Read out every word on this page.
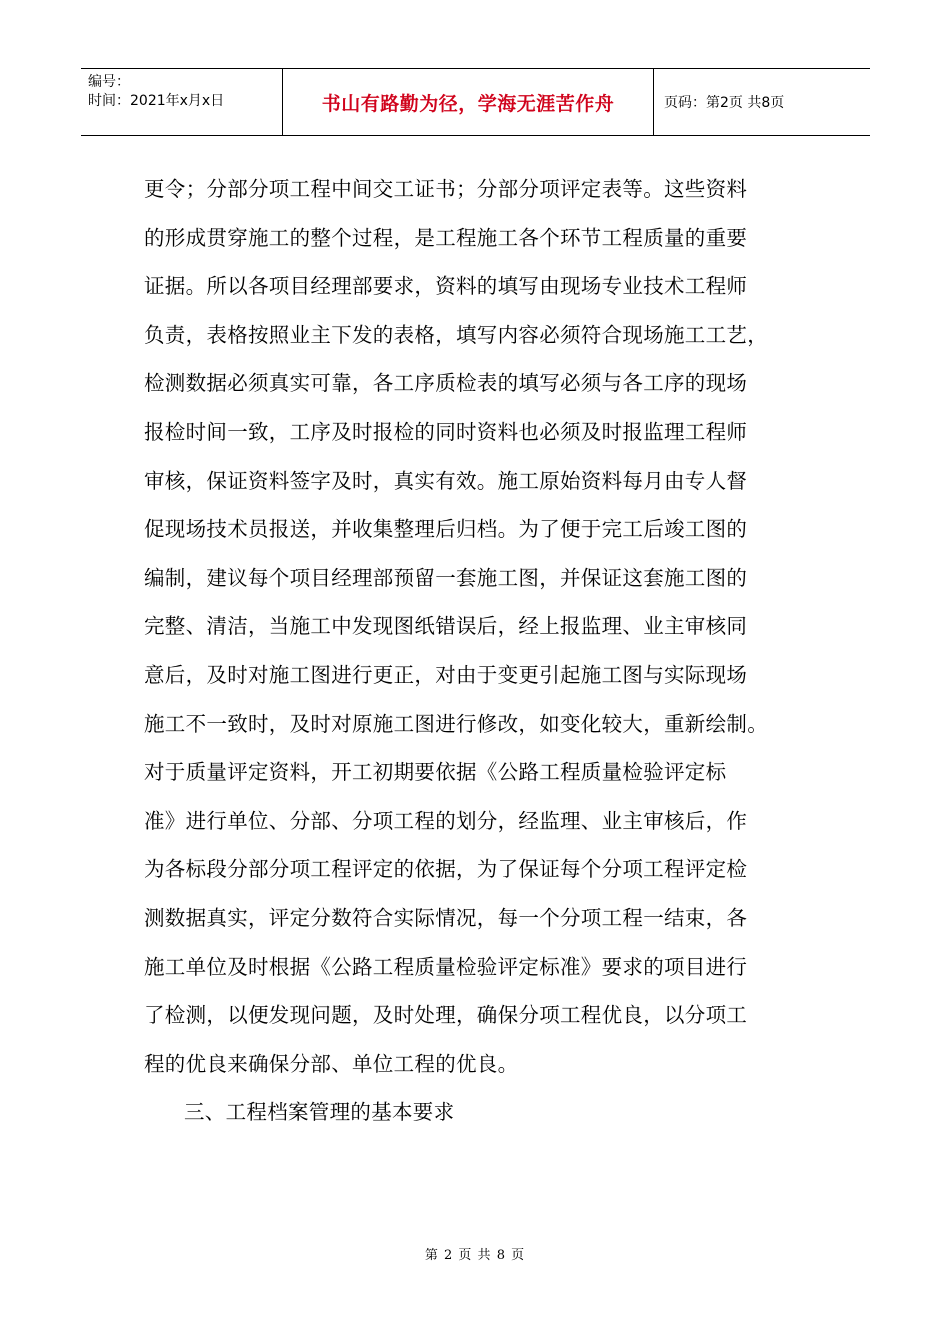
编号：
时间：2021年x月x日	书山有路勤为径，学海无涯苦作舟	页码：第2页 共8页
更令；分部分项工程中间交工证书；分部分项评定表等。这些资料
的形成贯穿施工的整个过程，是工程施工各个环节工程质量的重要
证据。所以各项目经理部要求，资料的填写由现场专业技术工程师
负责，表格按照业主下发的表格，填写内容必须符合现场施工工艺，
检测数据必须真实可靠，各工序质检表的填写必须与各工序的现场
报检时间一致，工序及时报检的同时资料也必须及时报监理工程师
审核，保证资料签字及时，真实有效。施工原始资料每月由专人督
促现场技术员报送，并收集整理后归档。为了便于完工后竣工图的
编制，建议每个项目经理部预留一套施工图，并保证这套施工图的
完整、清洁，当施工中发现图纸错误后，经上报监理、业主审核同
意后，及时对施工图进行更正，对由于变更引起施工图与实际现场
施工不一致时，及时对原施工图进行修改，如变化较大，重新绘制。
对于质量评定资料，开工初期要依据《公路工程质量检验评定标
准》进行单位、分部、分项工程的划分，经监理、业主审核后，作
为各标段分部分项工程评定的依据，为了保证每个分项工程评定检
测数据真实，评定分数符合实际情况，每一个分项工程一结束，各
施工单位及时根据《公路工程质量检验评定标准》要求的项目进行
了检测，以便发现问题，及时处理，确保分项工程优良，以分项工
程的优良来确保分部、单位工程的优良。
三、工程档案管理的基本要求
第 2 页 共 8 页
